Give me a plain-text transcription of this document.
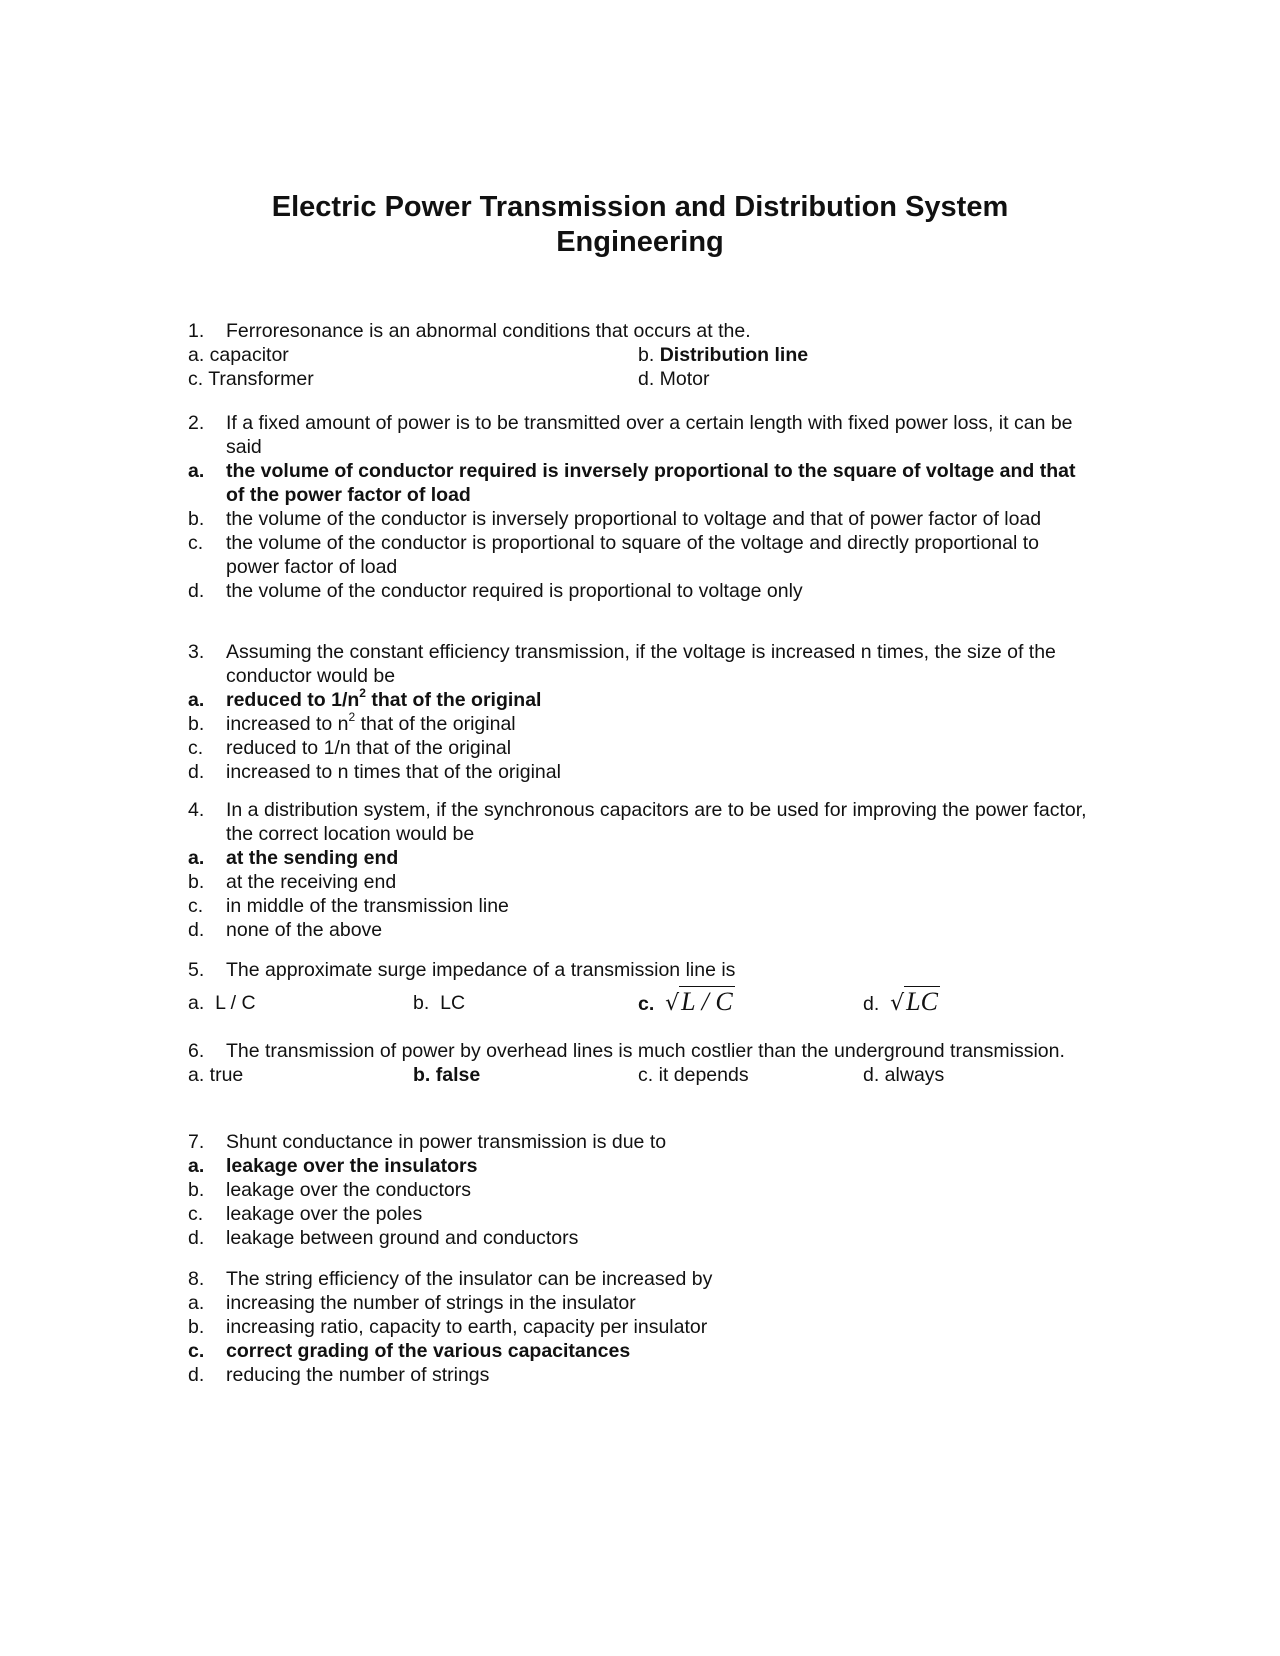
Electric Power Transmission and Distribution System
Engineering
1.	Ferroresonance is an abnormal conditions that occurs at the.
a. capacitor	b. Distribution line
c. Transformer	d. Motor
2.	If a fixed amount of power is to be transmitted over a certain length with fixed power loss, it can be said
a.	the volume of conductor required is inversely proportional to the square of voltage and that of the power factor of load
b.	the volume of the conductor is inversely proportional to voltage and that of power factor of load
c.	the volume of the conductor is proportional to square of the voltage and directly proportional to power factor of load
d.	the volume of the conductor required is proportional to voltage only
3.	Assuming the constant efficiency transmission, if the voltage is increased n times, the size of the conductor would be
a.	reduced to $1/n^2$ that of the original
b.	increased to $n^2$ that of the original
c.	reduced to 1/n that of the original
d.	increased to n times that of the original
4.	In a distribution system, if the synchronous capacitors are to be used for improving the power factor, the correct location would be
a.	at the sending end
b.	at the receiving end
c.	in middle of the transmission line
d.	none of the above
5.	The approximate surge impedance of a transmission line is
a. L / C	b. LC	c. √L / C	d. √LC
6.	The transmission of power by overhead lines is much costlier than the underground transmission.
a. true	b. false	c. it depends	d. always
7.	Shunt conductance in power transmission is due to
a.	leakage over the insulators
b.	leakage over the conductors
c.	leakage over the poles
d.	leakage between ground and conductors
8.	The string efficiency of the insulator can be increased by
a.	increasing the number of strings in the insulator
b.	increasing ratio, capacity to earth, capacity per insulator
c.	correct grading of the various capacitances
d.	reducing the number of strings
